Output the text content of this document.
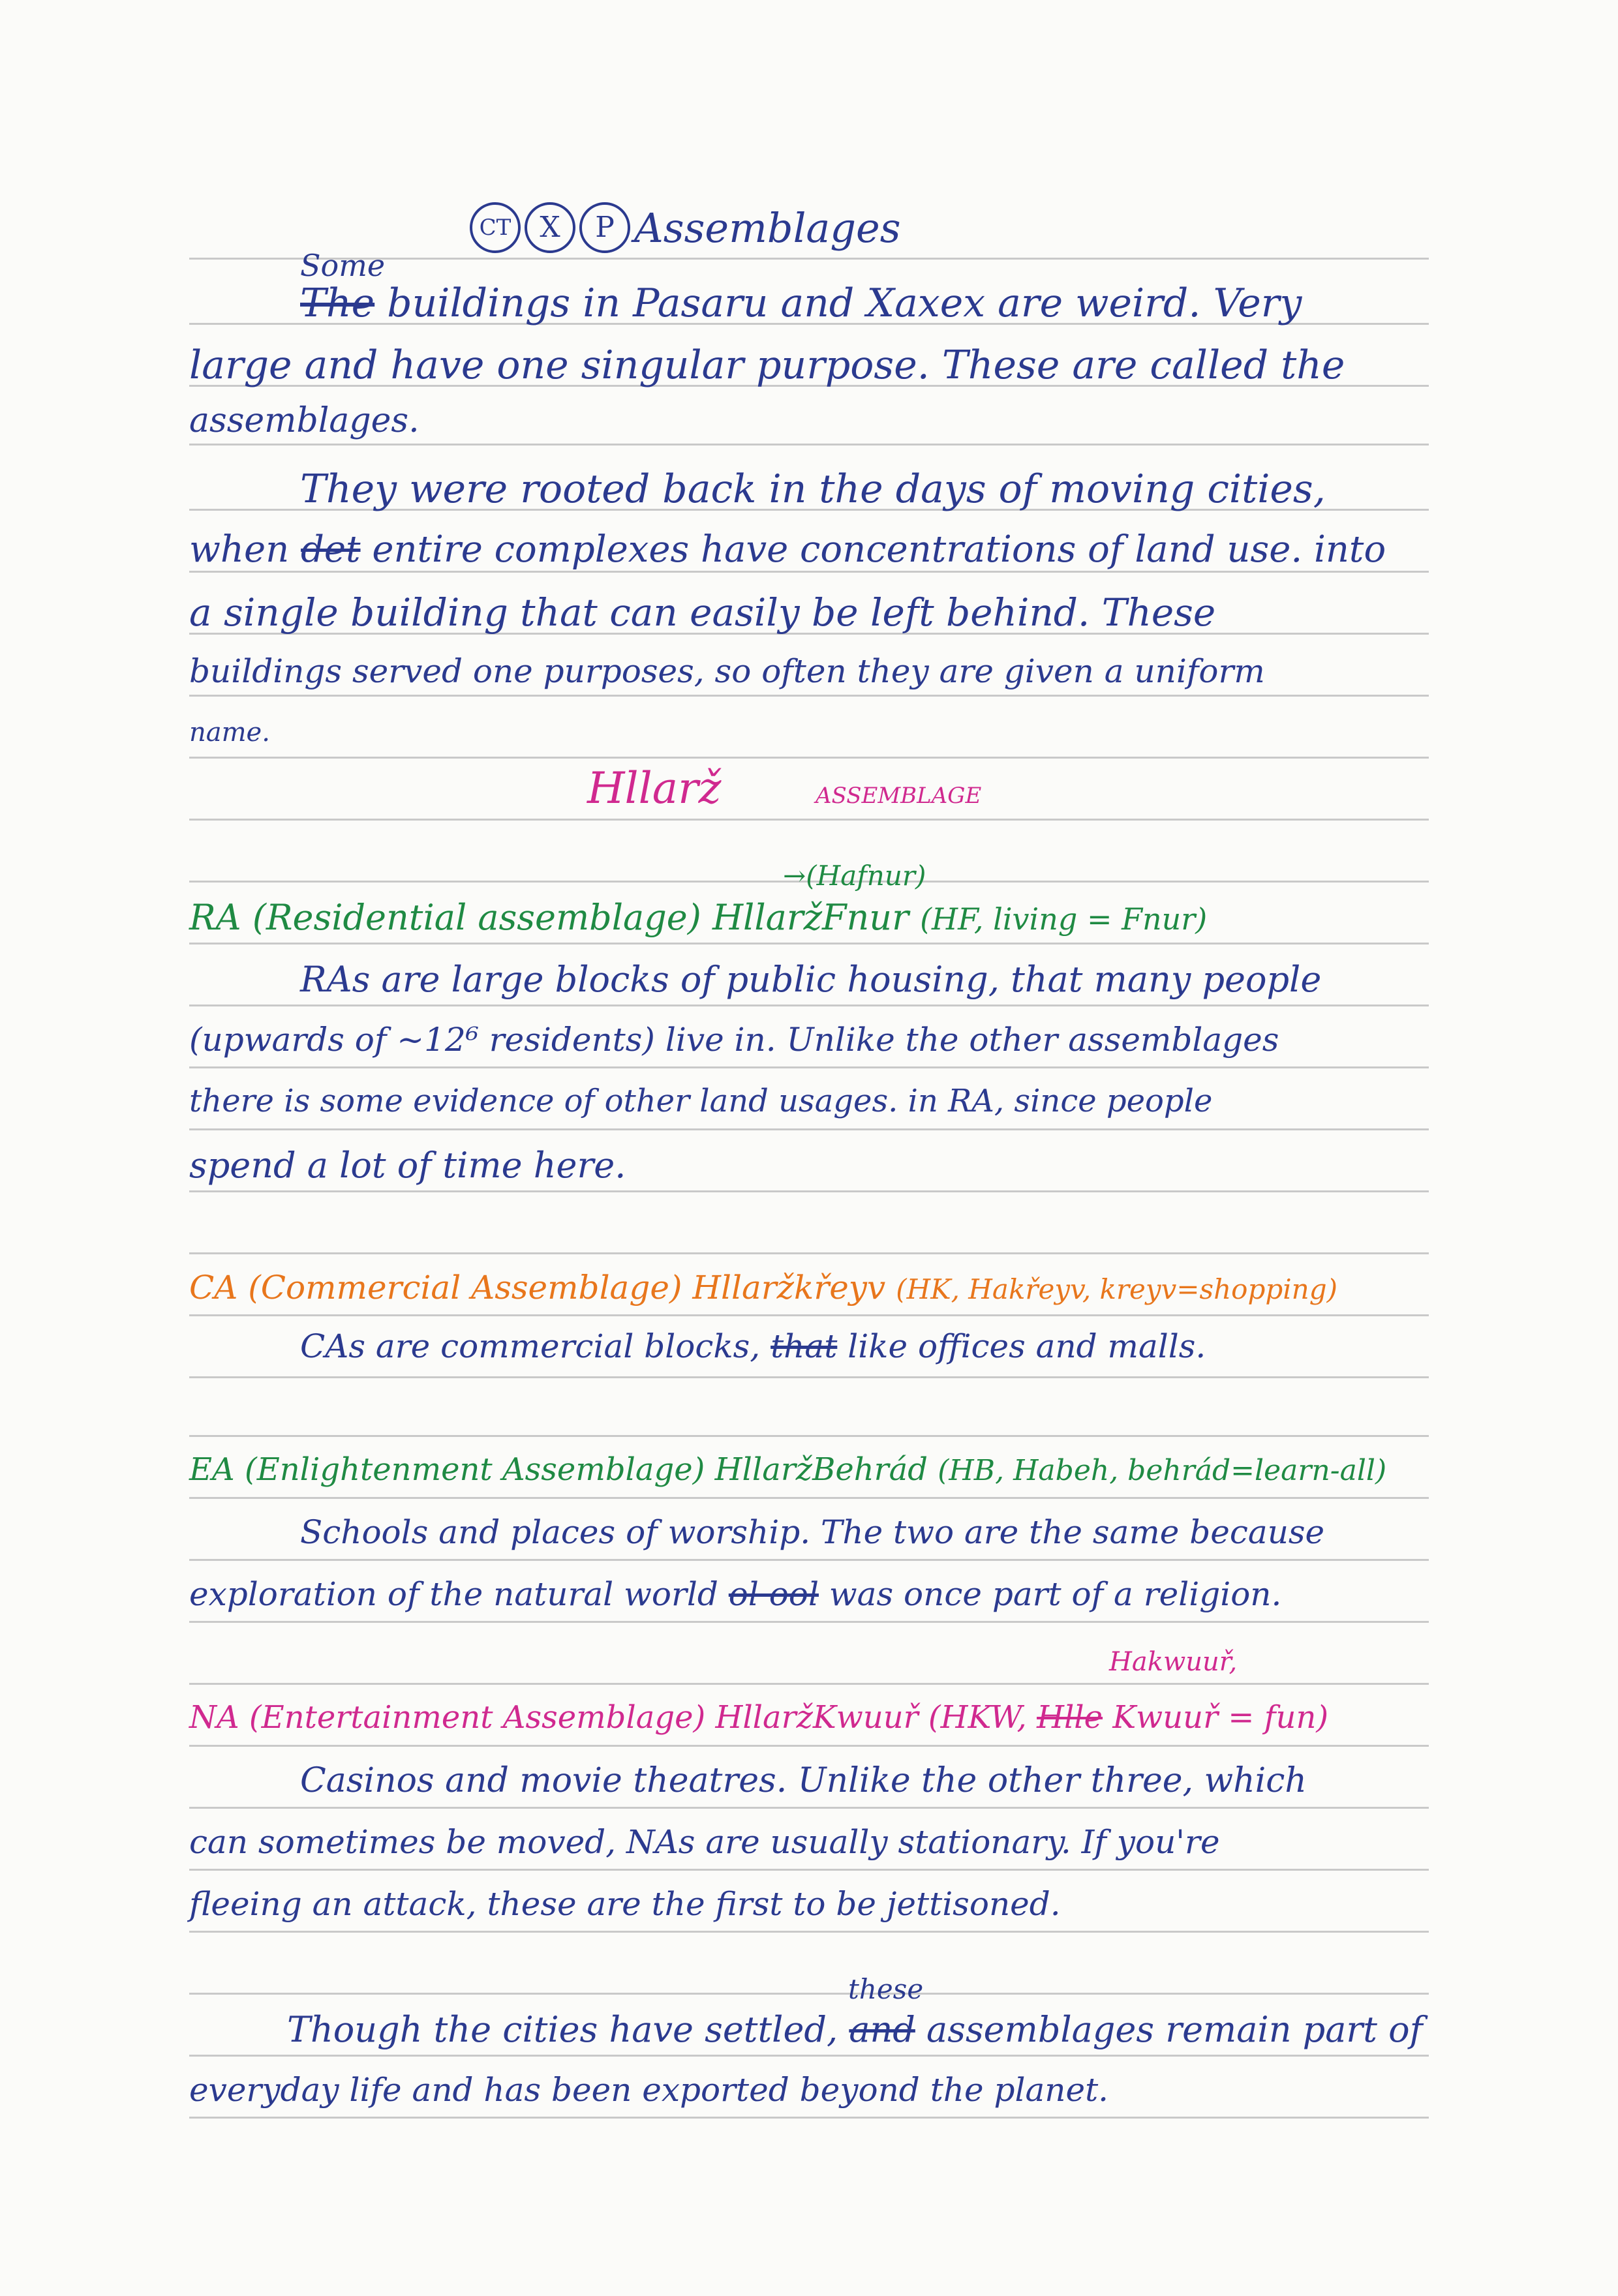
CT X P Assemblages
Some
The buildings in Pasaru and Xaxex are weird. Very
large and have one singular purpose. These are called the
assemblages.
They were rooted back in the days of moving cities,
when det entire complexes have concentrations of land use. into
a single building that can easily be left behind. These
buildings served one purposes, so often they are given a uniform
name.
Hllarž	ASSEMBLAGE
→(Hafnur)
RA (Residential assemblage) HllaržFnur (HF, living = Fnur)
RAs are large blocks of public housing, that many people
(upwards of ~12⁶ residents) live in. Unlike the other assemblages
there is some evidence of other land usages. in RA, since people
spend a lot of time here.
CA (Commercial Assemblage) Hllaržkřeyv (HK, Hakřeyv, kreyv=shopping)
CAs are commercial blocks, that like offices and malls.
EA (Enlightenment Assemblage) HllaržBehrád (HB, Habeh, behrád=learn-all)
Schools and places of worship. The two are the same because
exploration of the natural world ol ool was once part of a religion.
Hakwuuř,
NA (Entertainment Assemblage) HllaržKwuuř (HKW, Hlle Kwuuř = fun)
Casinos and movie theatres. Unlike the other three, which
can sometimes be moved, NAs are usually stationary. If you're
fleeing an attack, these are the first to be jettisoned.
these
Though the cities have settled, and assemblages remain part of
everyday life and has been exported beyond the planet.
